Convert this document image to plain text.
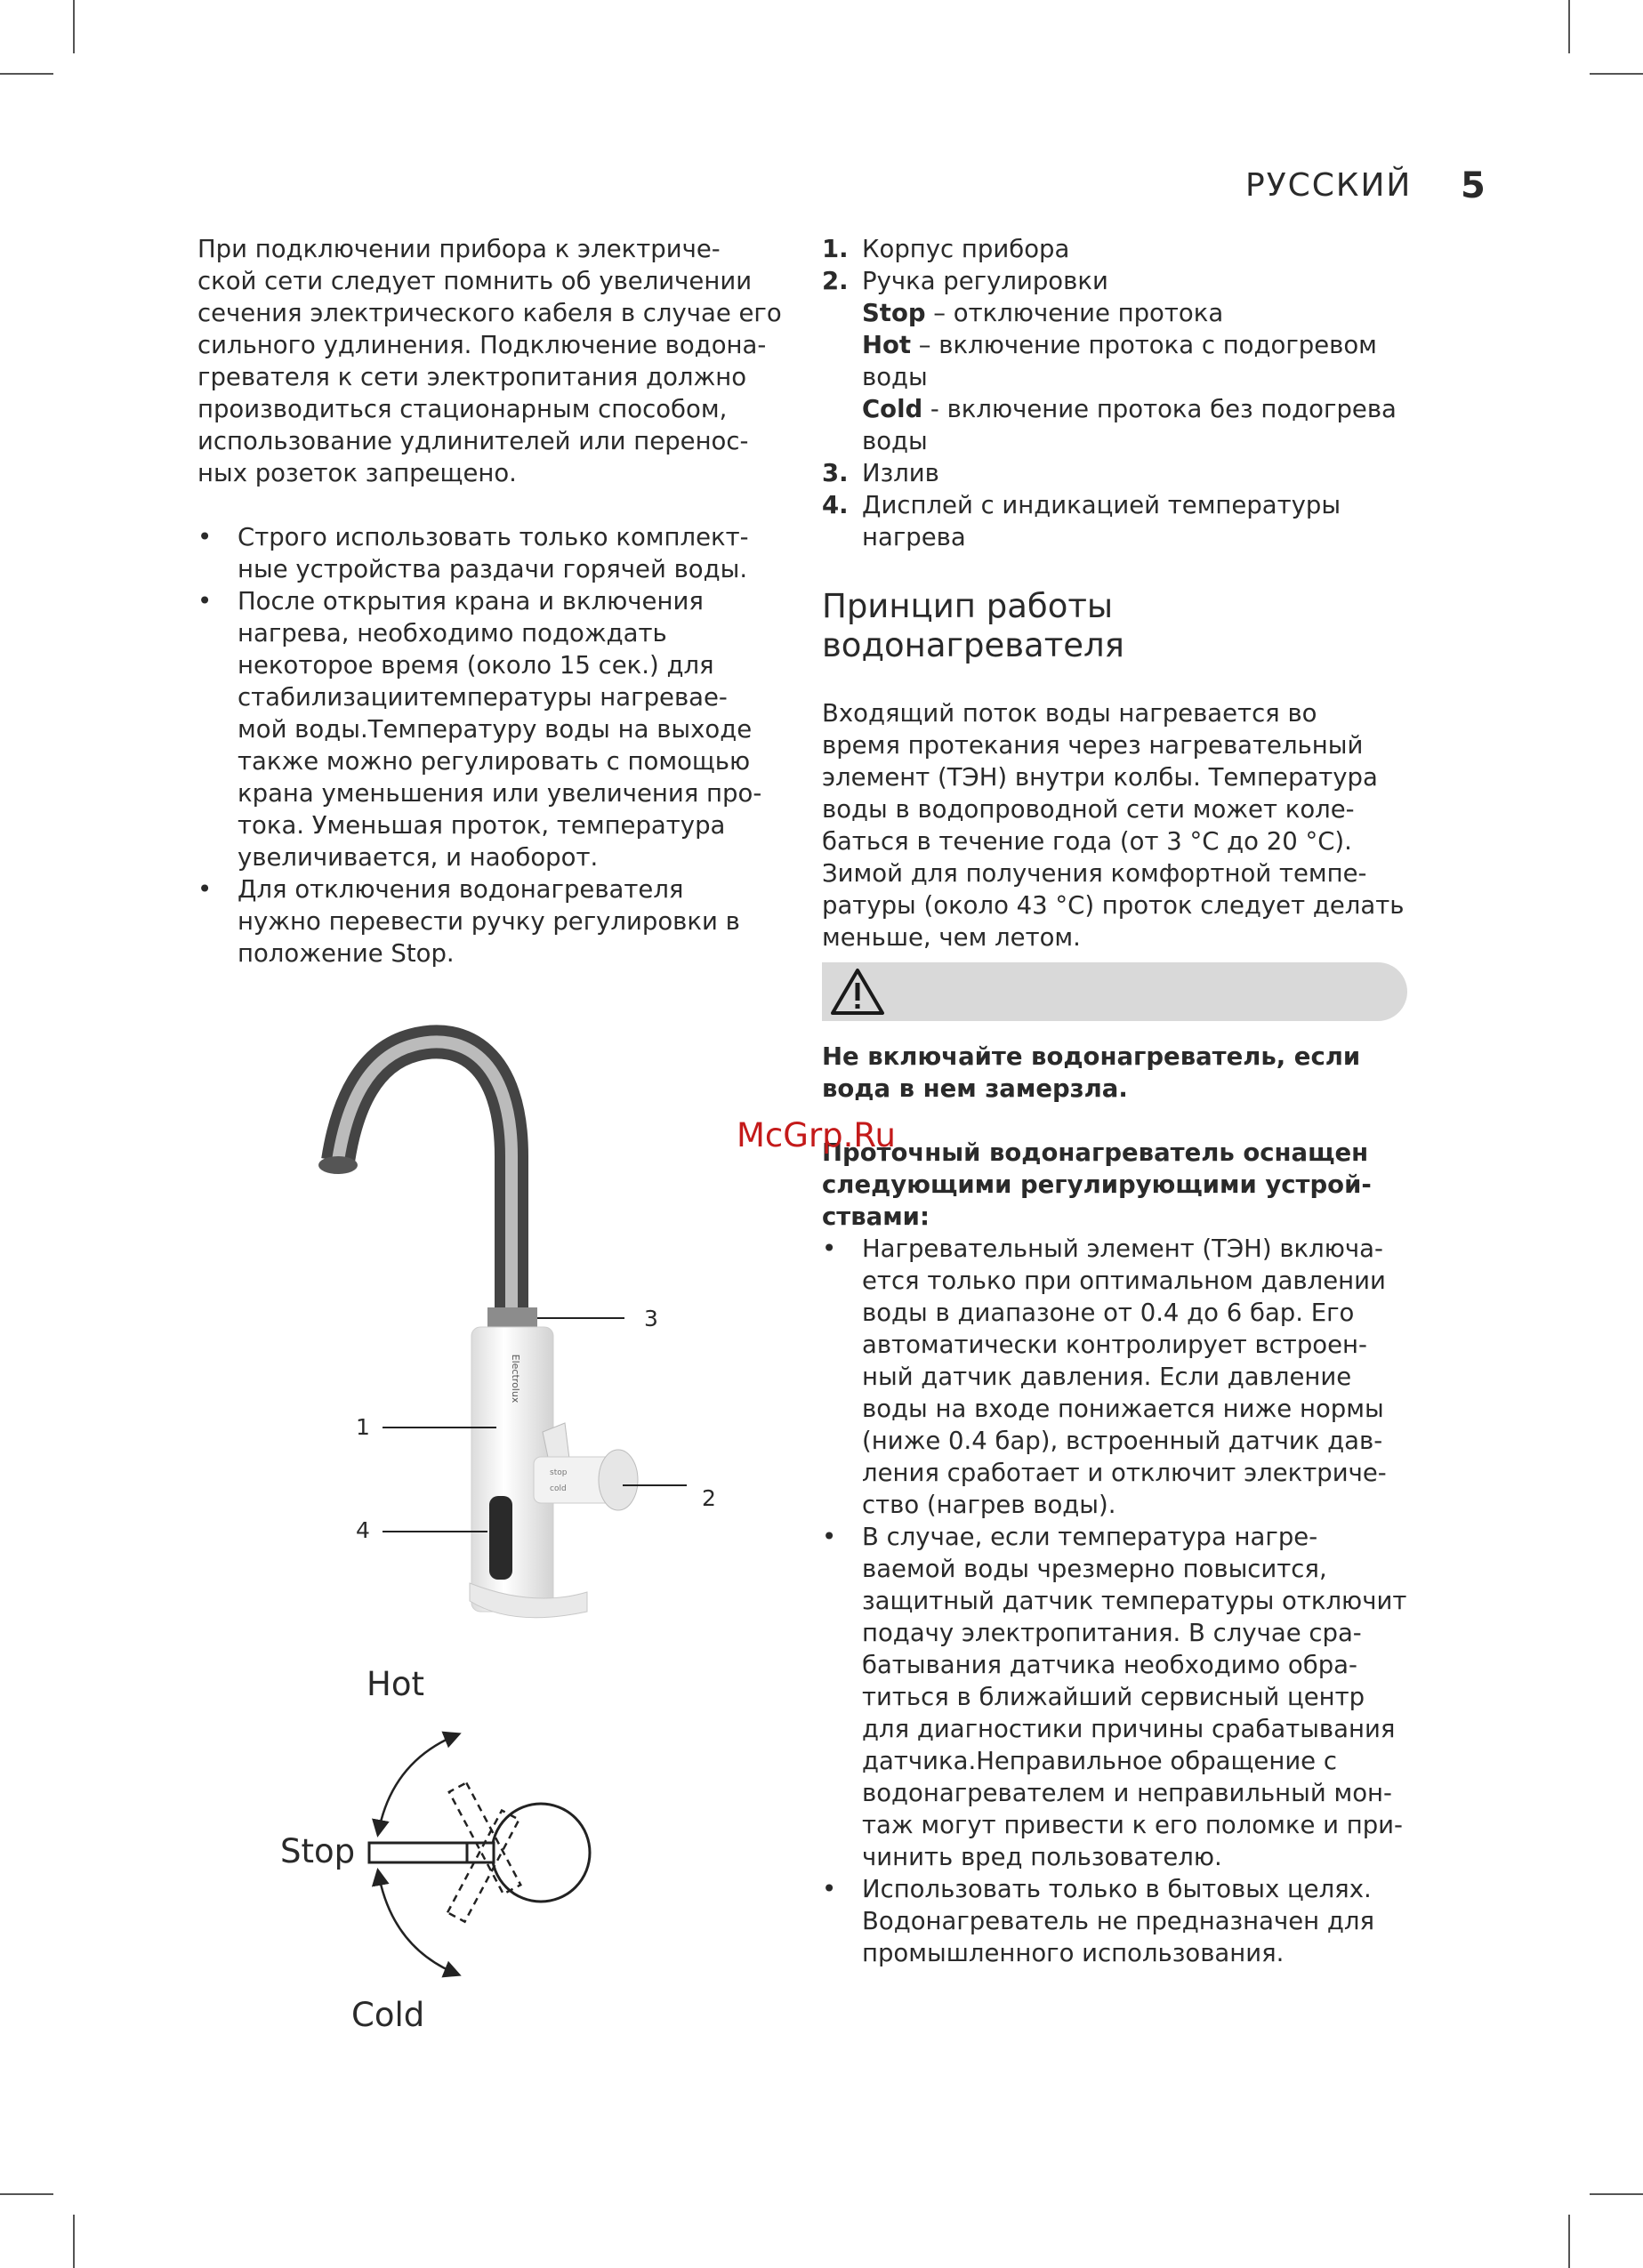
РУССКИЙ 5

При подключении прибора к электриче-
ской сети следует помнить об увеличении
сечения электрического кабеля в случае его
сильного удлинения. Подключение водона-
гревателя к сети электропитания должно
производиться стационарным способом,
использование удлинителей или перенос-
ных розеток запрещено.

• Строго использовать только комплект-
ные устройства раздачи горячей воды.
• После открытия крана и включения
нагрева, необходимо подождать
некоторое время (около 15 сек.) для
стабилизациитемпературы нагревае-
мой воды.Температуру воды на выходе
также можно регулировать с помощью
крана уменьшения или увеличения про-
тока. Уменьшая проток, температура
увеличивается, и наоборот.
• Для отключения водонагревателя
нужно перевести ручку регулировки в
положение Stop.
1. Корпус прибора
2. Ручка регулировки
Stop – отключение протока
Hot – включение протока с подогревом
воды
Cold - включение протока без подогрева
воды
3. Излив
4. Дисплей с индикацией температуры
нагрева
Принцип работы водонагревателя

Входящий поток воды нагревается во
время протекания через нагревательный
элемент (ТЭН) внутри колбы. Температура
воды в водопроводной сети может коле-
баться в течение года (от 3 °С до 20 °С).
Зимой для получения комфортной темпе-
ратуры (около 43 °С) проток следует делать
меньше, чем летом.

Не включайте водонагреватель, если
вода в нем замерзла.

Проточный водонагреватель оснащен
следующими регулирующими устрой-
ствами:

• Нагревательный элемент (ТЭН) включа-
ется только при оптимальном давлении
воды в диапазоне от 0.4 до 6 бар. Его
автоматически контролирует встроен-
ный датчик давления. Если давление
воды на входе понижается ниже нормы
(ниже 0.4 бар), встроенный датчик дав-
ления сработает и отключит электриче-
ство (нагрев воды).
• В случае, если температура нагре-
ваемой воды чрезмерно повысится,
защитный датчик температуры отключит
подачу электропитания. В случае сра-
батывания датчика необходимо обра-
титься в ближайший сервисный центр
для диагностики причины срабатывания
датчика.Неправильное обращение с
водонагревателем и неправильный мон-
таж могут привести к его поломке и при-
чинить вред пользователю.
• Использовать только в бытовых целях.
Водонагреватель не предназначен для
промышленного использования.
McGrp.Ru
Electrolux
stop
cold
3
1
2
4
Hot
Stop
Cold
